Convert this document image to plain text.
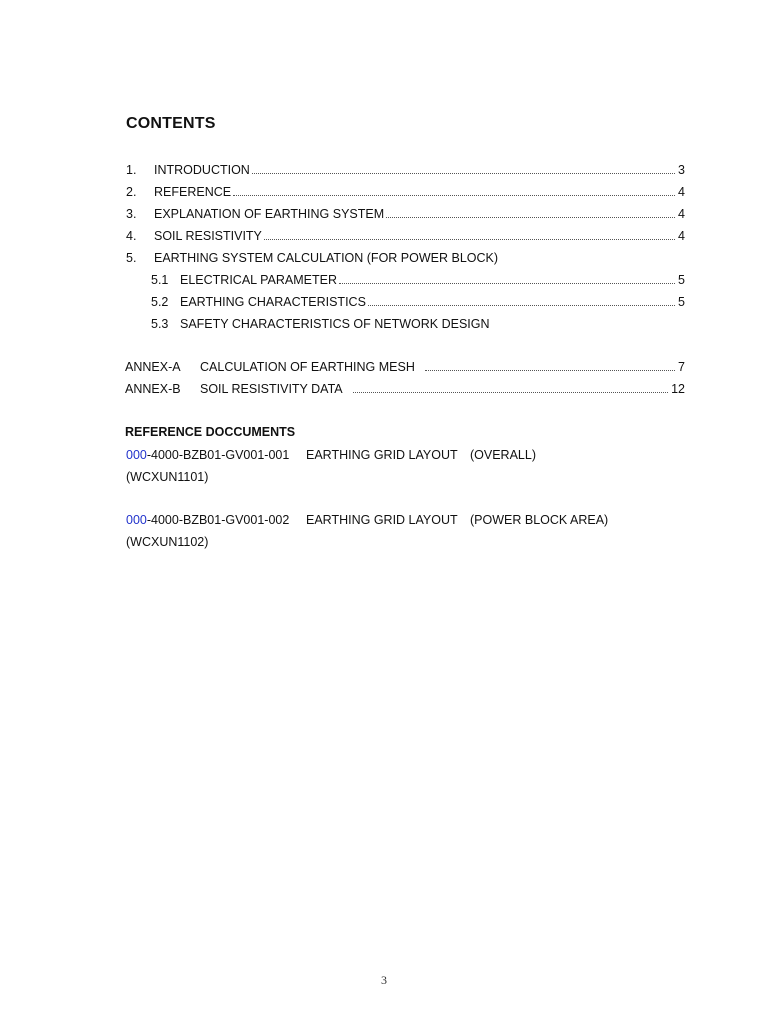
CONTENTS
1.	INTRODUCTION	3
2.	REFERENCE	4
3.	EXPLANATION OF EARTHING SYSTEM	4
4.	SOIL RESISTIVITY	4
5.	EARTHING SYSTEM CALCULATION (FOR POWER BLOCK)
5.1 ELECTRICAL PARAMETER	5
5.2 EARTHING CHARACTERISTICS	5
5.3 SAFETY CHARACTERISTICS OF NETWORK DESIGN
ANNEX-A	CALCULATION OF EARTHING MESH	7
ANNEX-B	SOIL RESISTIVITY DATA	12
REFERENCE DOCCUMENTS
000-4000-BZB01-GV001-001 EARTHING GRID LAYOUT (OVERALL)
(WCXUN1101)
000-4000-BZB01-GV001-002 EARTHING GRID LAYOUT (POWER BLOCK AREA)
(WCXUN1102)
3
